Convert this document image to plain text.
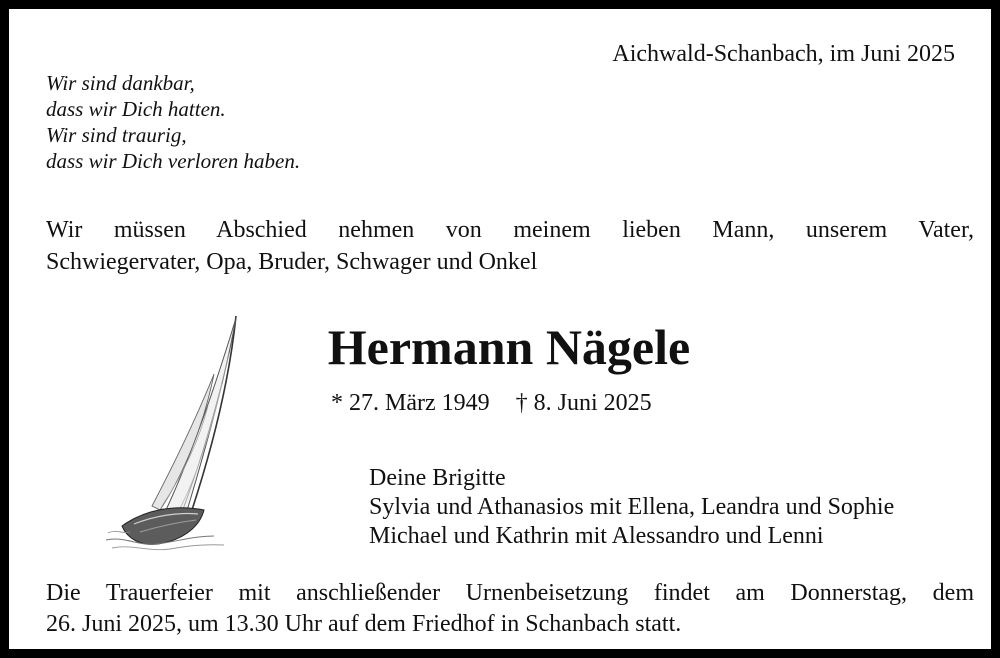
Aichwald-Schanbach, im Juni 2025
Wir sind dankbar,
dass wir Dich hatten.
Wir sind traurig,
dass wir Dich verloren haben.
Wir müssen Abschied nehmen von meinem lieben Mann, unserem Vater,
Schwiegervater, Opa, Bruder, Schwager und Onkel
Hermann Nägele
* 27. März 1949 † 8. Juni 2025
Deine Brigitte
Sylvia und Athanasios mit Ellena, Leandra und Sophie
Michael und Kathrin mit Alessandro und Lenni
Die Trauerfeier mit anschließender Urnenbeisetzung findet am Donnerstag, dem
26. Juni 2025, um 13.30 Uhr auf dem Friedhof in Schanbach statt.
